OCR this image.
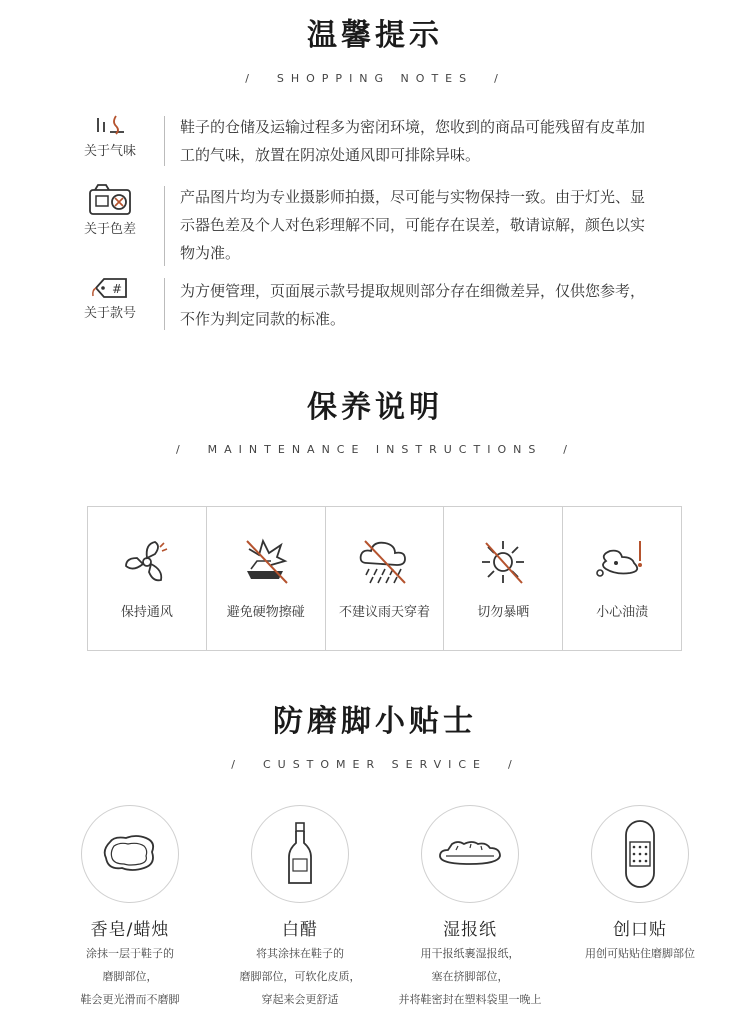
温馨提示
/  SHOPPING NOTES  /
关于气味
鞋子的仓储及运输过程多为密闭环境，您收到的商品可能残留有皮革加
工的气味，放置在阴凉处通风即可排除异味。
关于色差
产品图片均为专业摄影师拍摄，尽可能与实物保持一致。由于灯光、显
示器色差及个人对色彩理解不同，可能存在误差，敬请谅解，颜色以实
物为准。
#
关于款号
为方便管理，页面展示款号提取规则部分存在细微差异，仅供您参考，
不作为判定同款的标准。
保养说明
/  MAINTENANCE INSTRUCTIONS  /
保持通风	避免硬物擦碰	不建议雨天穿着	切勿暴晒	小心油渍
防磨脚小贴士
/  CUSTOMER SERVICE  /
香皂/蜡烛
涂抹一层于鞋子的
磨脚部位，
鞋会更光滑而不磨脚
白醋
将其涂抹在鞋子的
磨脚部位，可软化皮质，
穿起来会更舒适
湿报纸
用干报纸裹湿报纸，
塞在挤脚部位，
并将鞋密封在塑料袋里一晚上
创口贴
用创可贴贴住磨脚部位
